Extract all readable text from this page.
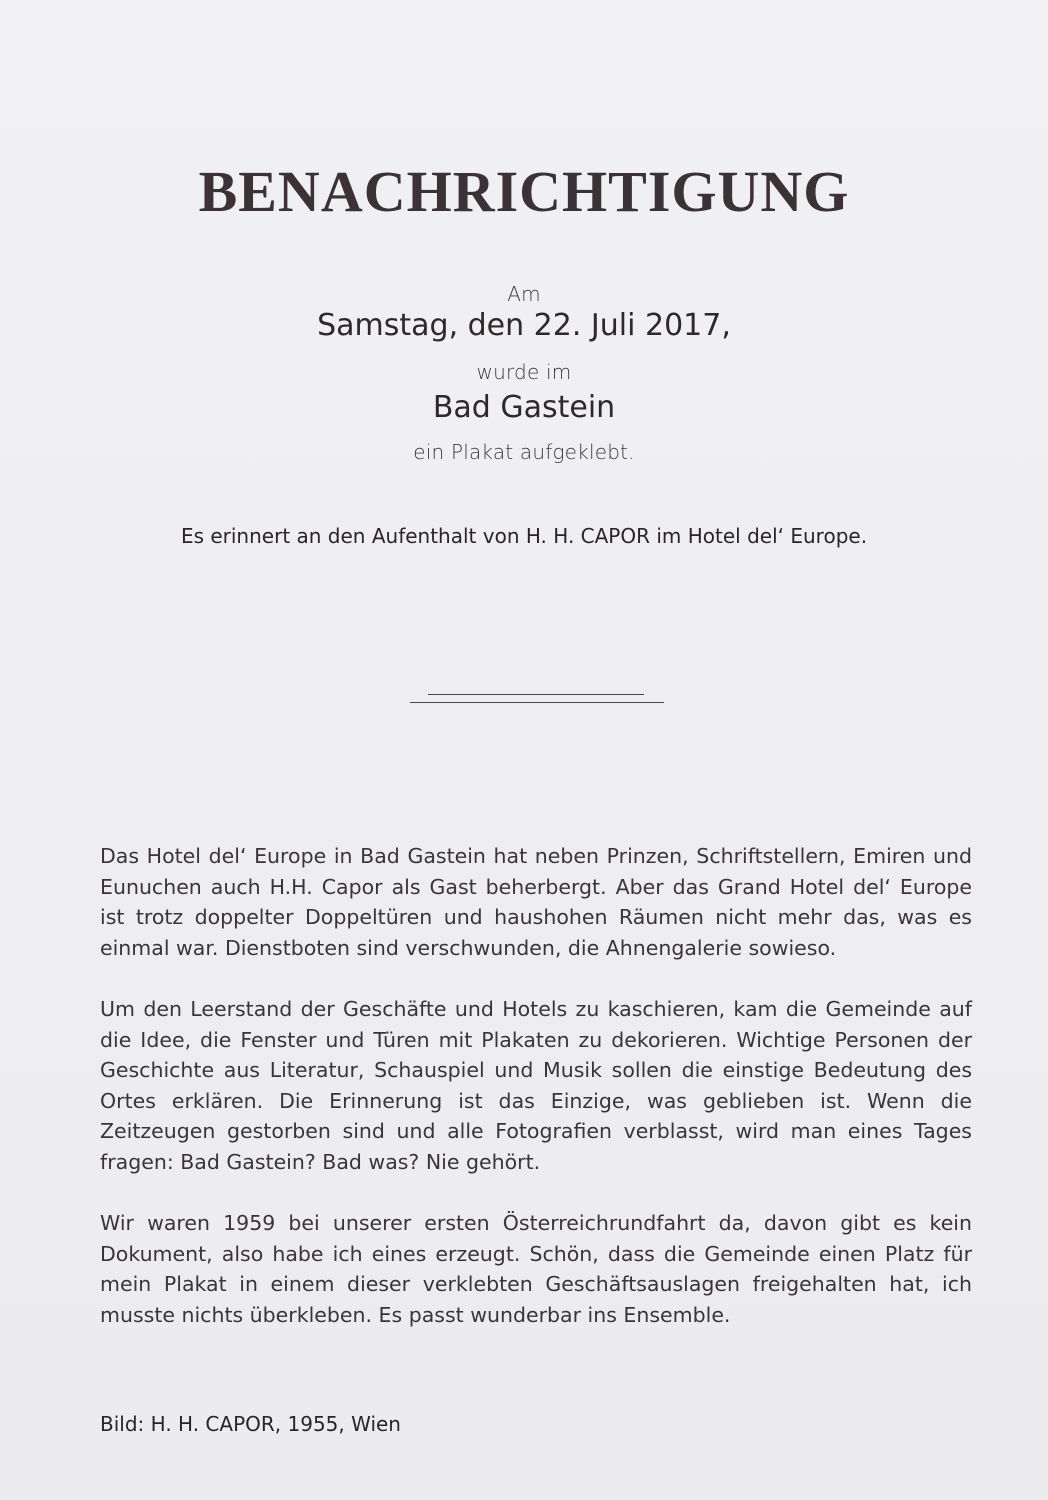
BENACHRICHTIGUNG
Am
Samstag, den 22. Juli 2017,
wurde im
Bad Gastein
ein Plakat aufgeklebt.
Es erinnert an den Aufenthalt von H. H. CAPOR im Hotel del‘ Europe.
Das Hotel del‘ Europe in Bad Gastein hat neben Prinzen, Schriftstellern, Emiren und Eunuchen auch H.H. Capor als Gast beherbergt. Aber das Grand Hotel del‘ Europe ist trotz doppelter Doppeltüren und haushohen Räumen nicht mehr das, was es einmal war. Dienstboten sind verschwunden, die Ahnengalerie sowieso.
Um den Leerstand der Geschäfte und Hotels zu kaschieren, kam die Gemeinde auf die Idee, die Fenster und Türen mit Plakaten zu dekorieren. Wichtige Personen der Geschichte aus Literatur, Schauspiel und Musik sollen die einstige Bedeutung des Ortes erklären. Die Erinnerung ist das Einzige, was geblieben ist. Wenn die Zeitzeugen gestorben sind und alle Fotografien verblasst, wird man eines Tages fragen: Bad Gastein? Bad was? Nie gehört.
Wir waren 1959 bei unserer ersten Österreichrundfahrt da, davon gibt es kein Dokument, also habe ich eines erzeugt. Schön, dass die Gemeinde einen Platz für mein Plakat in einem dieser verklebten Geschäftsauslagen freigehalten hat, ich musste nichts überkleben. Es passt wunderbar ins Ensemble.
Bild: H. H. CAPOR, 1955, Wien
